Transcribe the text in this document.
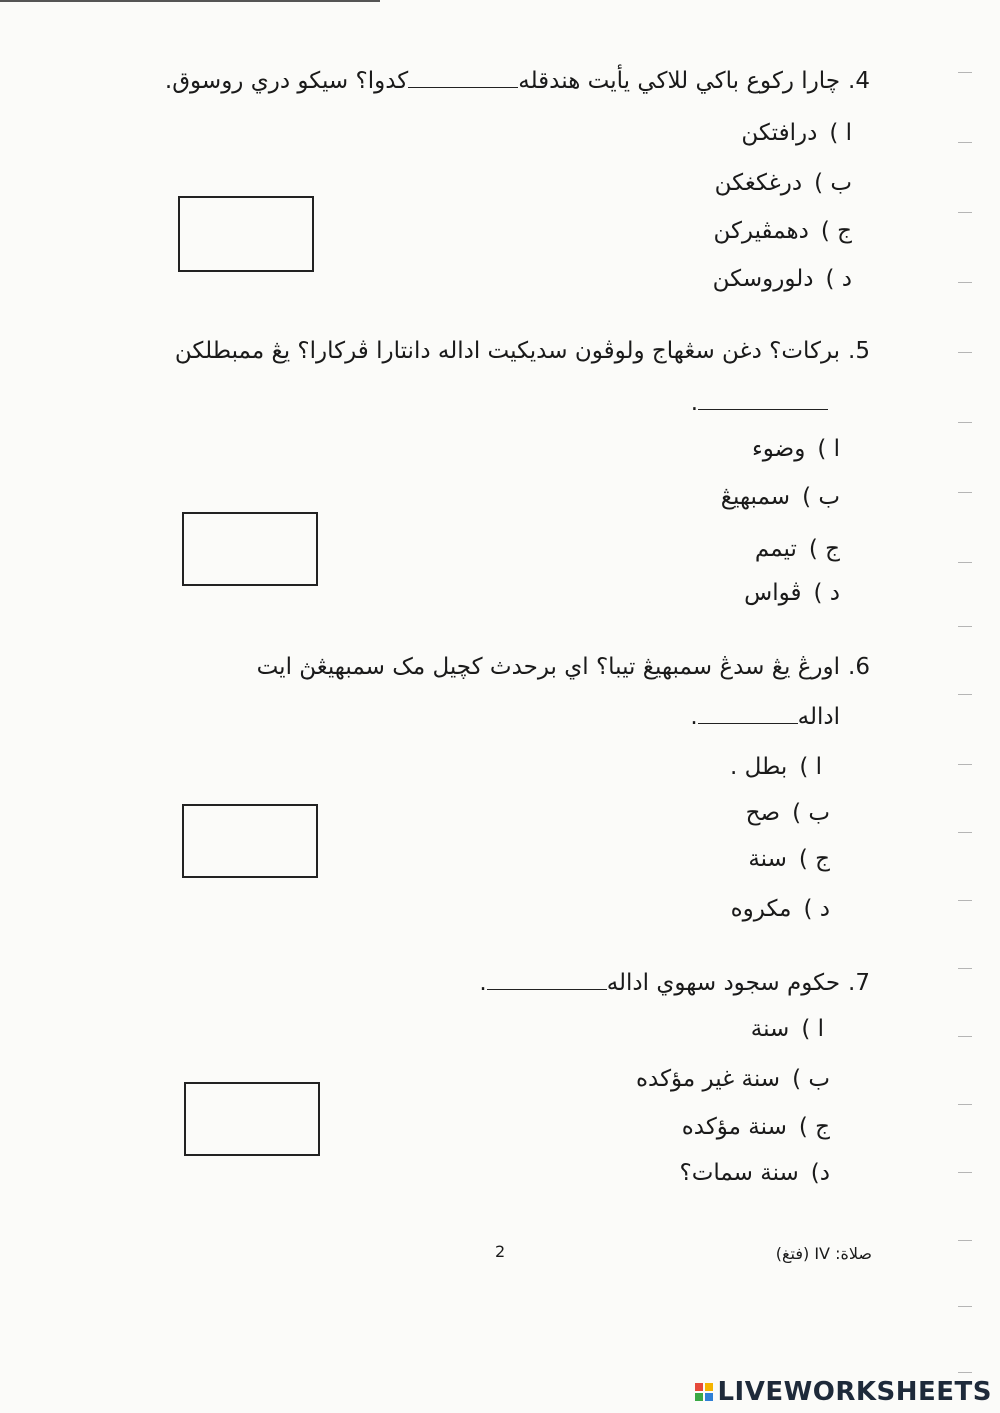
4.چارا رکوع باکي للاکي يأيت هندقلهکدوا؟ سيکو دري روسوق.
ا )درافتکن
ب )درغکغکن
ج )دهمڤيرکن
د )دلوروسکن
5.برکات؟ دغن سڠهاج ولوڤون سديکيت اداله دانتارا ڤرکارا؟ يڠ ممبطلکن
.
ا )وضوء
ب )سمبهيڠ
ج )تيمم
د )ڤواس
6.اورڠ يڠ سدڠ سمبهيڠ تيبا؟ اي برحدث کچيل مک سمبهيڠڽ ايت
اداله.
ا )بطل .
ب )صح
ج )سنة
د )مکروه
7.حکوم سجود سهوي اداله.
ا )سنة
ب )سنة غير مؤکده
ج )سنة مؤکده
د)سنة سمات؟
2	صلاة: IV (فتغ)
LIVEWORKSHEETS
